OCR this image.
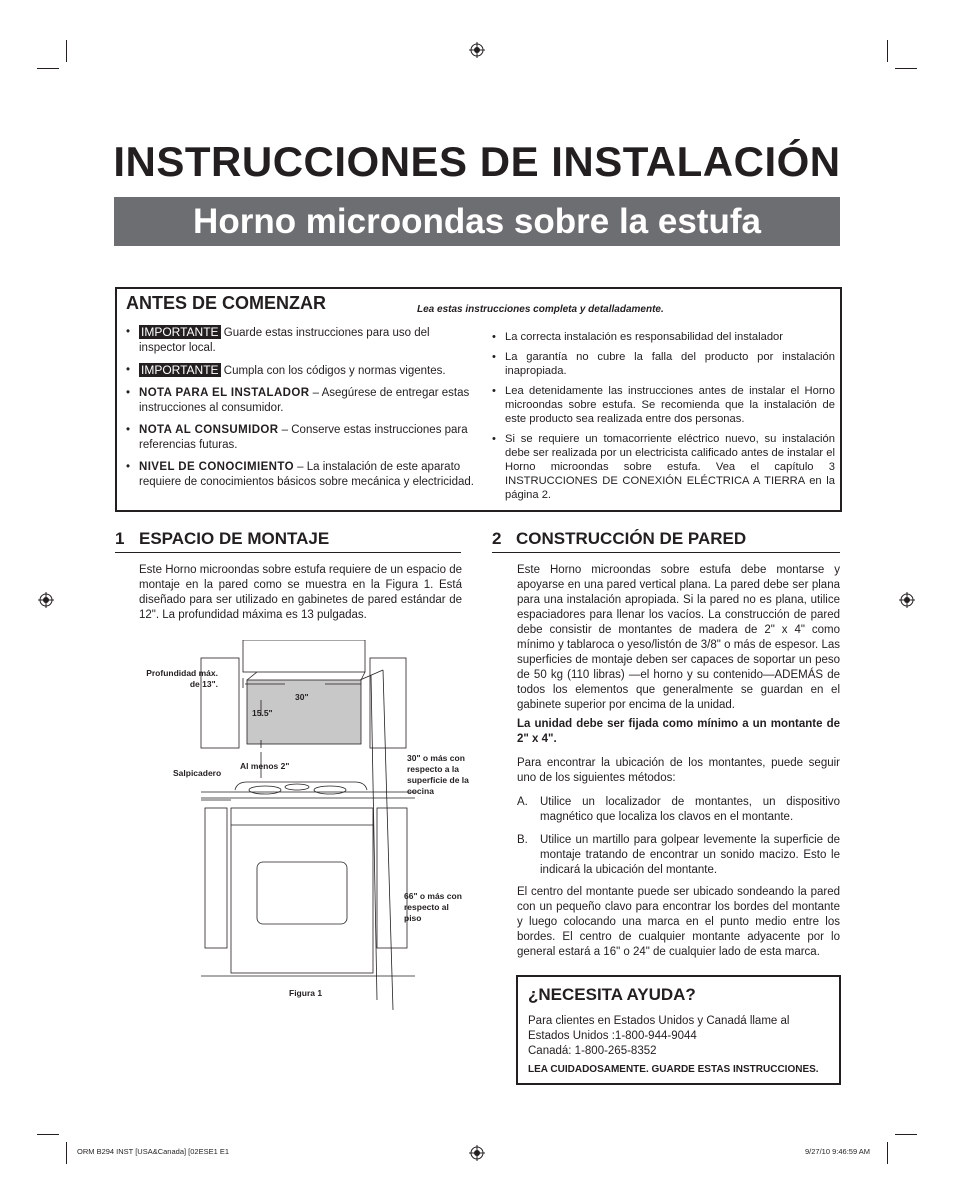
INSTRUCCIONES DE INSTALACIÓN
Horno microondas sobre la estufa
ANTES DE COMENZAR	Lea estas instrucciones completa y detalladamente.
• IMPORTANTE Guarde estas instrucciones para uso del inspector local.
• IMPORTANTE Cumpla con los códigos y normas vigentes.
• NOTA PARA EL INSTALADOR – Asegúrese de entregar estas instrucciones al consumidor.
• NOTA AL CONSUMIDOR – Conserve estas instrucciones para referencias futuras.
• NIVEL DE CONOCIMIENTO – La instalación de este aparato requiere de conocimientos básicos sobre mecánica y electricidad.
• La correcta instalación es responsabilidad del instalador
• La garantía no cubre la falla del producto por instalación inapropiada.
• Lea detenidamente las instrucciones antes de instalar el Horno microondas sobre estufa. Se recomienda que la instalación de este producto sea realizada entre dos personas.
• Si se requiere un tomacorriente eléctrico nuevo, su instalación debe ser realizada por un electricista calificado antes de instalar el Horno microondas sobre estufa. Vea el capítulo 3 INSTRUCCIONES DE CONEXIÓN ELÉCTRICA A TIERRA en la página 2.
1 ESPACIO DE MONTAJE
Este Horno microondas sobre estufa requiere de un espacio de montaje en la pared como se muestra en la Figura 1. Está diseñado para ser utilizado en gabinetes de pared estándar de 12". La profundidad máxima es 13 pulgadas.
Profundidad máx. de 13".
30"
15.5"
Salpicadero
Al menos 2"
30" o más con respecto a la superficie de la cocina
66" o más con respecto al piso
Figura 1
2 CONSTRUCCIÓN DE PARED
Este Horno microondas sobre estufa debe montarse y apoyarse en una pared vertical plana. La pared debe ser plana para una instalación apropiada. Si la pared no es plana, utilice espaciadores para llenar los vacíos. La construcción de pared debe consistir de montantes de madera de 2" x 4" como mínimo y tablaroca o yeso/listón de 3/8" o más de espesor. Las superficies de montaje deben ser capaces de soportar un peso de 50 kg (110 libras) —el horno y su contenido—ADEMÁS de todos los elementos que generalmente se guardan en el gabinete superior por encima de la unidad.
La unidad debe ser fijada como mínimo a un montante de 2" x 4".
Para encontrar la ubicación de los montantes, puede seguir uno de los siguientes métodos:
A.	Utilice un localizador de montantes, un dispositivo magnético que localiza los clavos en el montante.
B.	Utilice un martillo para golpear levemente la superficie de montaje tratando de encontrar un sonido macizo. Esto le indicará la ubicación del montante.
El centro del montante puede ser ubicado sondeando la pared con un pequeño clavo para encontrar los bordes del montante y luego colocando una marca en el punto medio entre los bordes. El centro de cualquier montante adyacente por lo general estará a 16" o 24" de cualquier lado de esta marca.
¿NECESITA AYUDA?
Para clientes en Estados Unidos y Canadá llame al
Estados Unidos :1-800-944-9044
Canadá: 1-800-265-8352
LEA CUIDADOSAMENTE. GUARDE ESTAS INSTRUCCIONES.
ORM B294 INST [USA&Canada] [02ESE1 E1	9/27/10 9:46:59 AM
